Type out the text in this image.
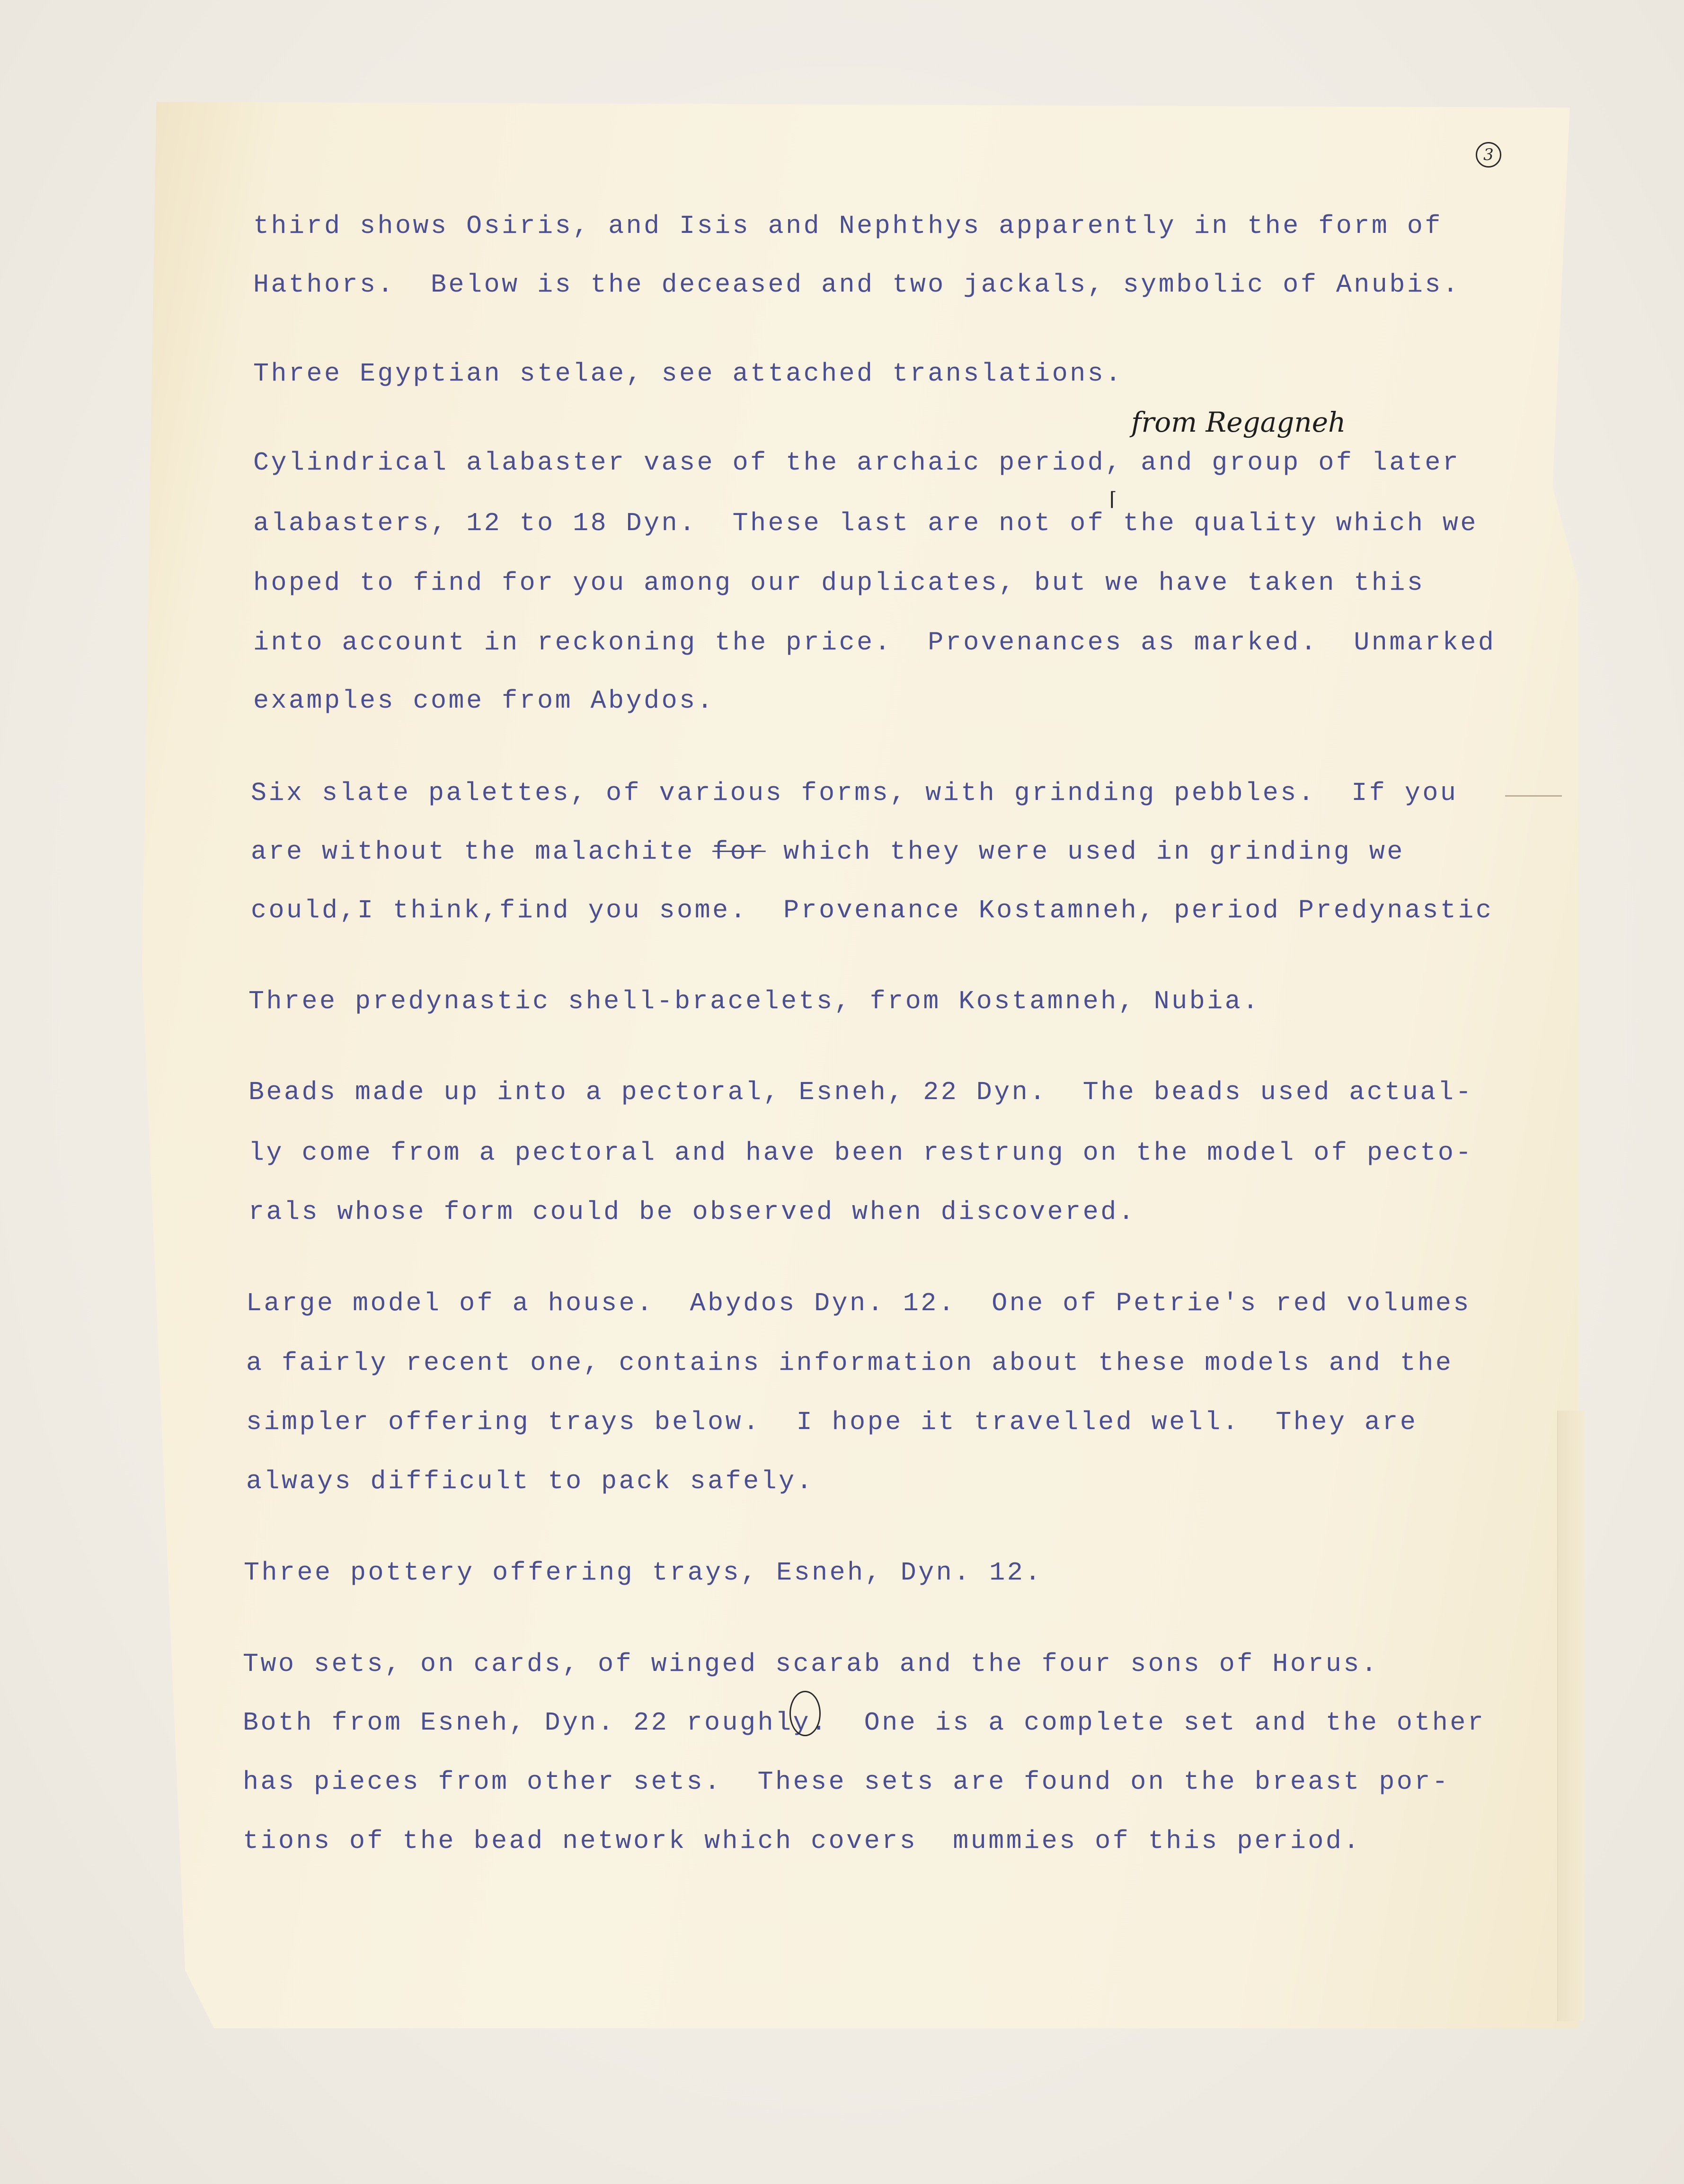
3
third shows Osiris, and Isis and Nephthys apparently in the form of
Hathors.  Below is the deceased and two jackals, symbolic of Anubis.
Three Egyptian stelae, see attached translations.
from Regagneh
⌈
Cylindrical alabaster vase of the archaic period, and group of later
alabasters, 12 to 18 Dyn.  These last are not of the quality which we
hoped to find for you among our duplicates, but we have taken this
into account in reckoning the price.  Provenances as marked.  Unmarked
examples come from Abydos.
Six slate palettes, of various forms, with grinding pebbles.  If you
are without the malachite for which they were used in grinding we
could,I think,find you some.  Provenance Kostamneh, period Predynastic
Three predynastic shell-bracelets, from Kostamneh, Nubia.
Beads made up into a pectoral, Esneh, 22 Dyn.  The beads used actual-
ly come from a pectoral and have been restrung on the model of pecto-
rals whose form could be observed when discovered.
Large model of a house.  Abydos Dyn. 12.  One of Petrie's red volumes
a fairly recent one, contains information about these models and the
simpler offering trays below.  I hope it travelled well.  They are
always difficult to pack safely.
Three pottery offering trays, Esneh, Dyn. 12.
Two sets, on cards, of winged scarab and the four sons of Horus.
Both from Esneh, Dyn. 22 roughly.  One is a complete set and the other
has pieces from other sets.  These sets are found on the breast por-
tions of the bead network which covers  mummies of this period.
